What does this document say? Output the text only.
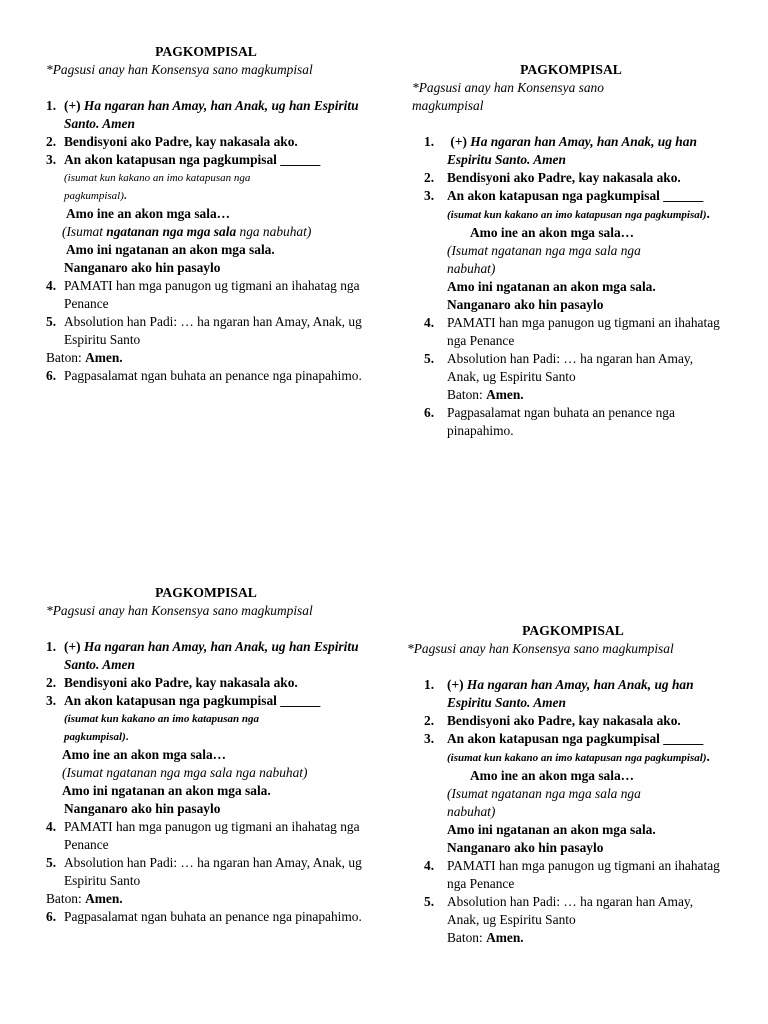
PAGKOMPISAL
*Pagsusi anay han Konsensya sano magkumpisal
1. (+) Ha ngaran han Amay, han Anak, ug han Espiritu Santo. Amen
2. Bendisyoni ako Padre, kay nakasala ako.
3. An akon katapusan nga pagkumpisal ______
(isumat kun kakano an imo katapusan nga pagkumpisal).
Amo ine an akon mga sala…
(Isumat ngatanan nga mga sala nga nabuhat)
Amo ini ngatanan an akon mga sala.
Nanganaro ako hin pasaylo
4. PAMATI han mga panugon ug tigmani an ihahatag nga Penance
5. Absolution han Padi: … ha ngaran han Amay, Anak, ug Espiritu Santo
Baton: Amen.
6. Pagpasalamat ngan buhata an penance nga pinapahimo.
PAGKOMPISAL
*Pagsusi anay han Konsensya sano magkumpisal
1. (+) Ha ngaran han Amay, han Anak, ug han Espiritu Santo. Amen
2. Bendisyoni ako Padre, kay nakasala ako.
3. An akon katapusan nga pagkumpisal ______ (isumat kun kakano an imo katapusan nga pagkumpisal).
Amo ine an akon mga sala…
(Isumat ngatanan nga mga sala nga nabuhat)
Amo ini ngatanan an akon mga sala.
Nanganaro ako hin pasaylo
4. PAMATI han mga panugon ug tigmani an ihahatag nga Penance
5. Absolution han Padi: … ha ngaran han Amay, Anak, ug Espiritu Santo
Baton: Amen.
6. Pagpasalamat ngan buhata an penance nga pinapahimo.
PAGKOMPISAL
*Pagsusi anay han Konsensya sano magkumpisal
1. (+) Ha ngaran han Amay, han Anak, ug han Espiritu Santo. Amen
2. Bendisyoni ako Padre, kay nakasala ako.
3. An akon katapusan nga pagkumpisal ______
(isumat kun kakano an imo katapusan nga pagkumpisal).
Amo ine an akon mga sala…
(Isumat ngatanan nga mga sala nga nabuhat)
Amo ini ngatanan an akon mga sala.
Nanganaro ako hin pasaylo
4. PAMATI han mga panugon ug tigmani an ihahatag nga Penance
5. Absolution han Padi: … ha ngaran han Amay, Anak, ug Espiritu Santo
Baton: Amen.
6. Pagpasalamat ngan buhata an penance nga pinapahimo.
PAGKOMPISAL
*Pagsusi anay han Konsensya sano magkumpisal
1. (+) Ha ngaran han Amay, han Anak, ug han Espiritu Santo. Amen
2. Bendisyoni ako Padre, kay nakasala ako.
3. An akon katapusan nga pagkumpisal ______ (isumat kun kakano an imo katapusan nga pagkumpisal).
Amo ine an akon mga sala…
(Isumat ngatanan nga mga sala nga nabuhat)
Amo ini ngatanan an akon mga sala.
Nanganaro ako hin pasaylo
4. PAMATI han mga panugon ug tigmani an ihahatag nga Penance
5. Absolution han Padi: … ha ngaran han Amay, Anak, ug Espiritu Santo
Baton: Amen.
